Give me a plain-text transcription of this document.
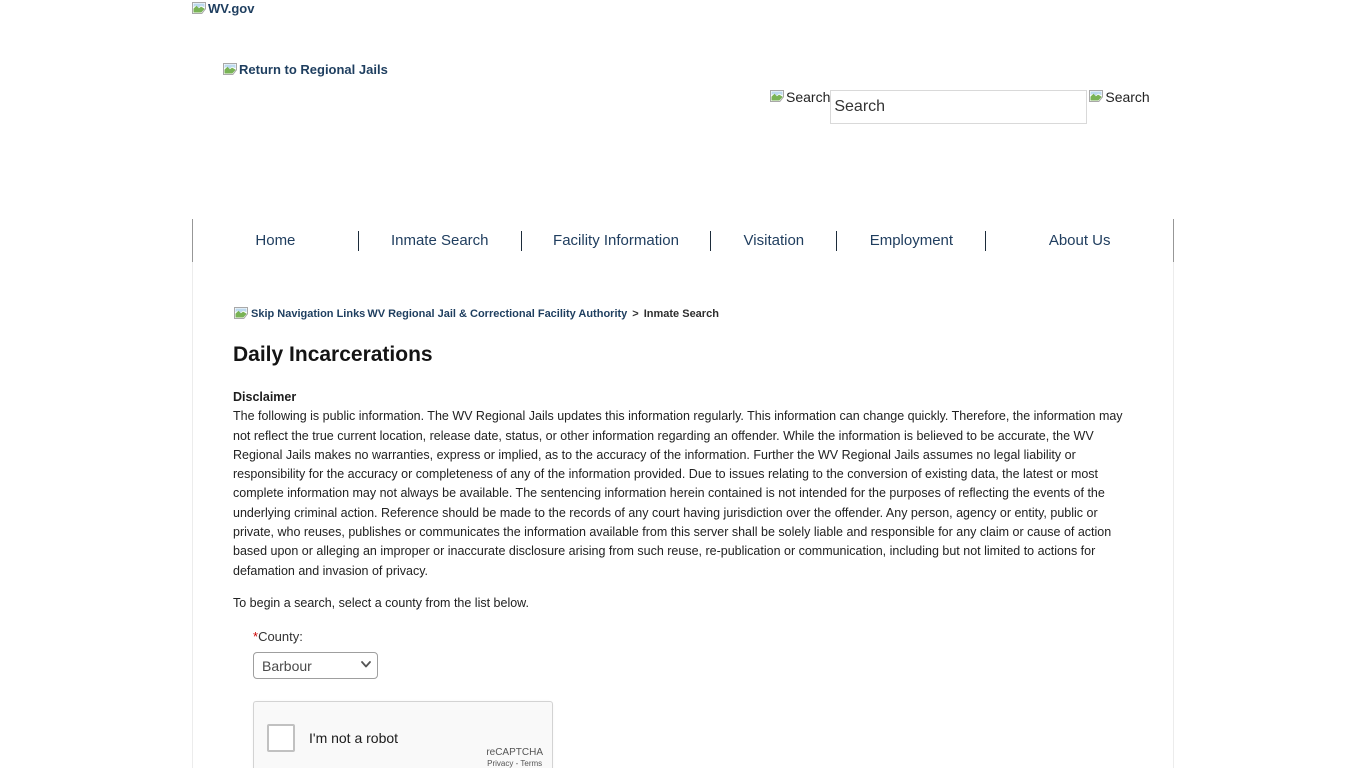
WV.gov
Return to Regional Jails
Search
Search	Search
Home	Inmate Search	Facility Information	Visitation	Employment	About Us
Skip Navigation Links WV Regional Jail & Correctional Facility Authority > Inmate Search
Daily Incarcerations
Disclaimer
The following is public information. The WV Regional Jails updates this information regularly. This information can change quickly. Therefore, the information may not reflect the true current location, release date, status, or other information regarding an offender. While the information is believed to be accurate, the WV Regional Jails makes no warranties, express or implied, as to the accuracy of the information. Further the WV Regional Jails assumes no legal liability or responsibility for the accuracy or completeness of any of the information provided. Due to issues relating to the conversion of existing data, the latest or most complete information may not always be available. The sentencing information herein contained is not intended for the purposes of reflecting the events of the underlying criminal action. Reference should be made to the records of any court having jurisdiction over the offender. Any person, agency or entity, public or private, who reuses, publishes or communicates the information available from this server shall be solely liable and responsible for any claim or cause of action based upon or alleging an improper or inaccurate disclosure arising from such reuse, re-publication or communication, including but not limited to actions for defamation and invasion of privacy.
To begin a search, select a county from the list below.
*County:
Barbour
I'm not a robot
reCAPTCHA
Privacy - Terms
